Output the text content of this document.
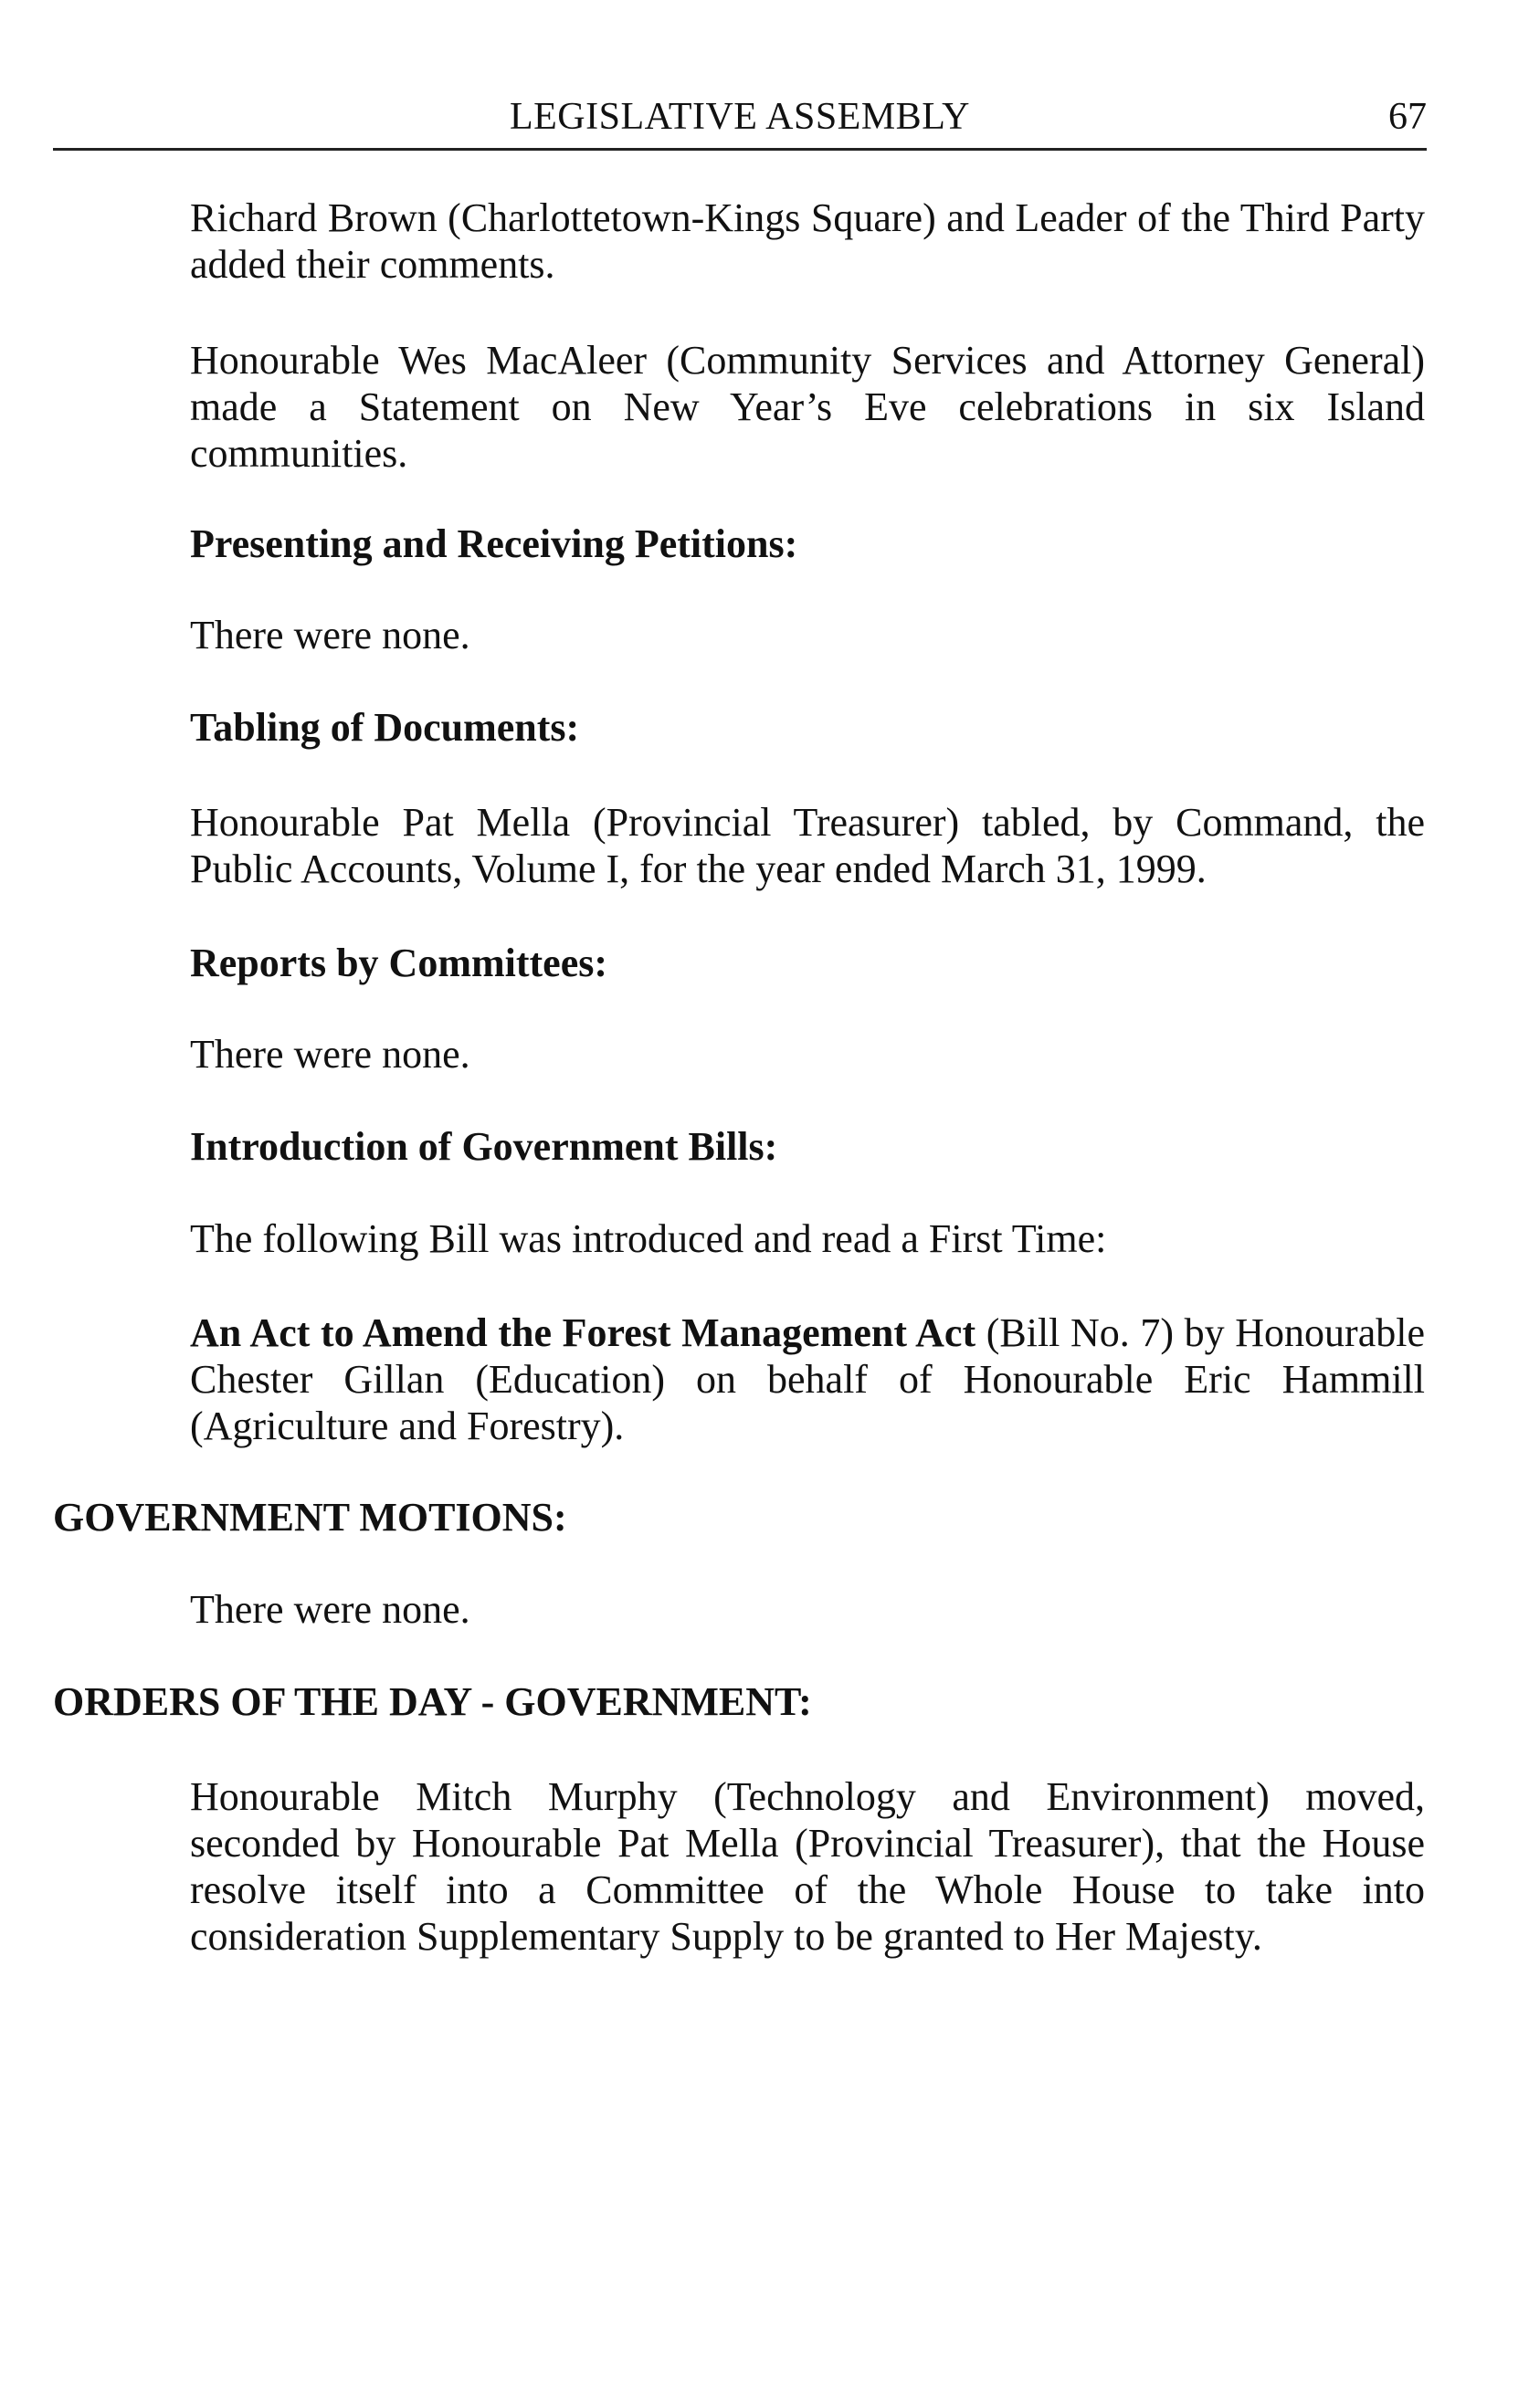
LEGISLATIVE ASSEMBLY	67
Richard Brown (Charlottetown-Kings Square) and Leader of the Third Party added their comments.
Honourable Wes MacAleer (Community Services and Attorney General) made a Statement on New Year’s Eve celebrations in six Island communities.
Presenting and Receiving Petitions:
There were none.
Tabling of Documents:
Honourable Pat Mella (Provincial Treasurer) tabled, by Command, the Public Accounts, Volume I, for the year ended March 31, 1999.
Reports by Committees:
There were none.
Introduction of Government Bills:
The following Bill was introduced and read a First Time:
An Act to Amend the Forest Management Act (Bill No. 7) by Honourable Chester Gillan (Education) on behalf of Honourable Eric Hammill (Agriculture and Forestry).
GOVERNMENT MOTIONS:
There were none.
ORDERS OF THE DAY - GOVERNMENT:
Honourable Mitch Murphy (Technology and Environment) moved, seconded by Honourable Pat Mella (Provincial Treasurer), that the House resolve itself into a Committee of the Whole House to take into consideration Supplementary Supply to be granted to Her Majesty.
